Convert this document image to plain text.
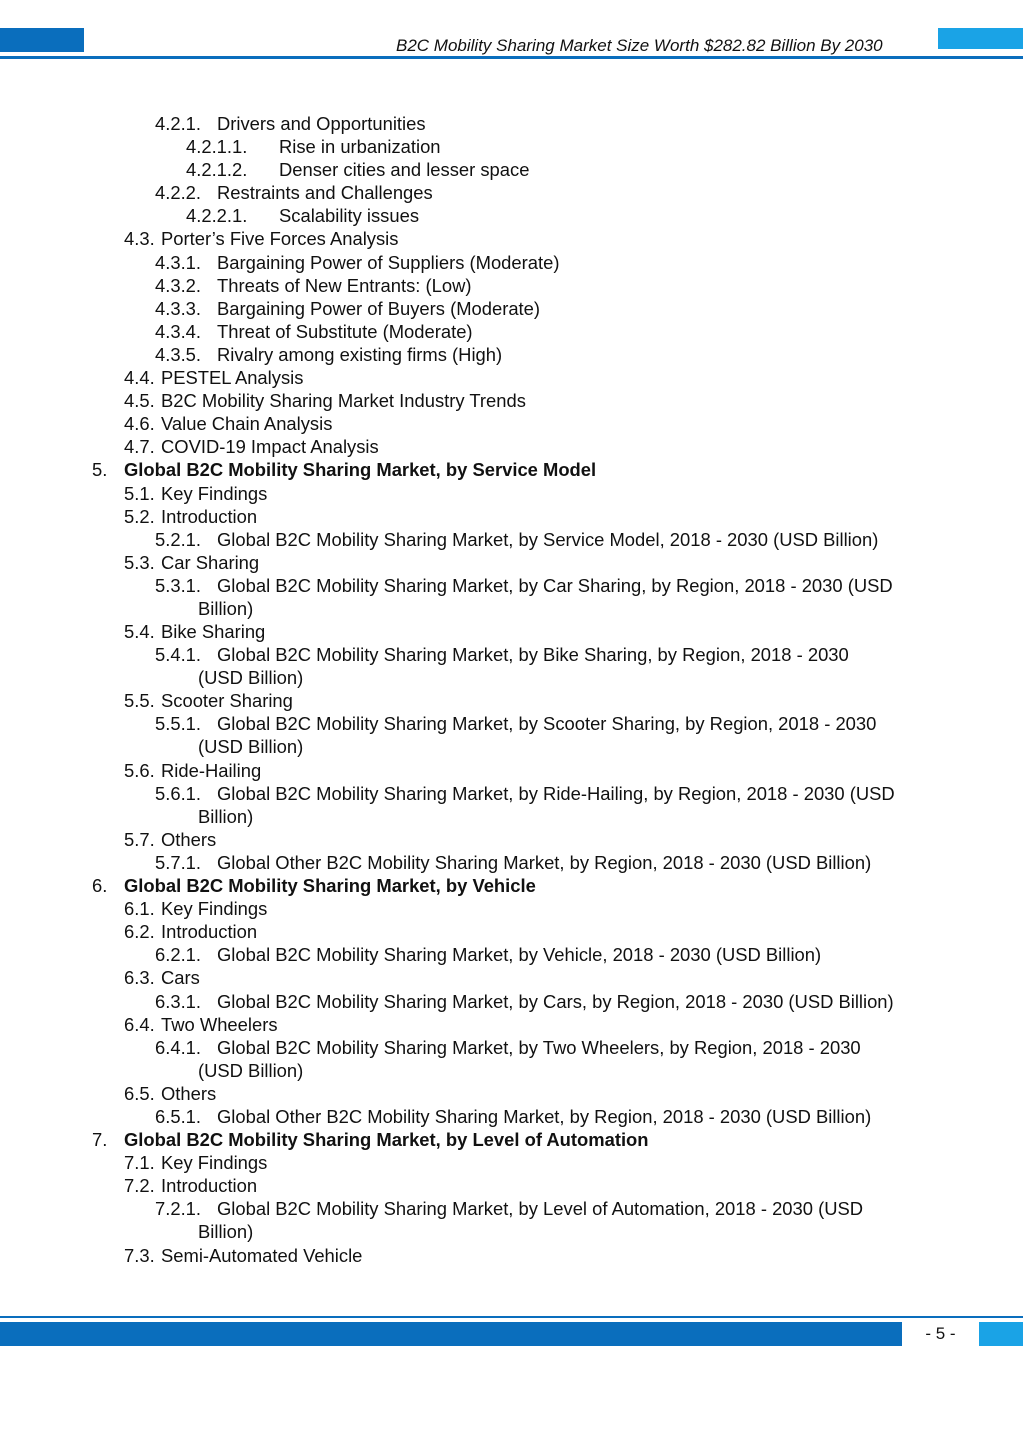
B2C Mobility Sharing Market Size Worth $282.82 Billion By 2030
4.2.1. Drivers and Opportunities
4.2.1.1. Rise in urbanization
4.2.1.2. Denser cities and lesser space
4.2.2. Restraints and Challenges
4.2.2.1. Scalability issues
4.3. Porter’s Five Forces Analysis
4.3.1. Bargaining Power of Suppliers (Moderate)
4.3.2. Threats of New Entrants: (Low)
4.3.3. Bargaining Power of Buyers (Moderate)
4.3.4. Threat of Substitute (Moderate)
4.3.5. Rivalry among existing firms (High)
4.4. PESTEL Analysis
4.5. B2C Mobility Sharing Market Industry Trends
4.6. Value Chain Analysis
4.7. COVID-19 Impact Analysis
5. Global B2C Mobility Sharing Market, by Service Model
5.1. Key Findings
5.2. Introduction
5.2.1. Global B2C Mobility Sharing Market, by Service Model, 2018 - 2030 (USD Billion)
5.3. Car Sharing
5.3.1. Global B2C Mobility Sharing Market, by Car Sharing, by Region, 2018 - 2030 (USD
Billion)
5.4. Bike Sharing
5.4.1. Global B2C Mobility Sharing Market, by Bike Sharing, by Region, 2018 - 2030
(USD Billion)
5.5. Scooter Sharing
5.5.1. Global B2C Mobility Sharing Market, by Scooter Sharing, by Region, 2018 - 2030
(USD Billion)
5.6. Ride-Hailing
5.6.1. Global B2C Mobility Sharing Market, by Ride-Hailing, by Region, 2018 - 2030 (USD
Billion)
5.7. Others
5.7.1. Global Other B2C Mobility Sharing Market, by Region, 2018 - 2030 (USD Billion)
6. Global B2C Mobility Sharing Market, by Vehicle
6.1. Key Findings
6.2. Introduction
6.2.1. Global B2C Mobility Sharing Market, by Vehicle, 2018 - 2030 (USD Billion)
6.3. Cars
6.3.1. Global B2C Mobility Sharing Market, by Cars, by Region, 2018 - 2030 (USD Billion)
6.4. Two Wheelers
6.4.1. Global B2C Mobility Sharing Market, by Two Wheelers, by Region, 2018 - 2030
(USD Billion)
6.5. Others
6.5.1. Global Other B2C Mobility Sharing Market, by Region, 2018 - 2030 (USD Billion)
7. Global B2C Mobility Sharing Market, by Level of Automation
7.1. Key Findings
7.2. Introduction
7.2.1. Global B2C Mobility Sharing Market, by Level of Automation, 2018 - 2030 (USD
Billion)
7.3. Semi-Automated Vehicle
- 5 -
